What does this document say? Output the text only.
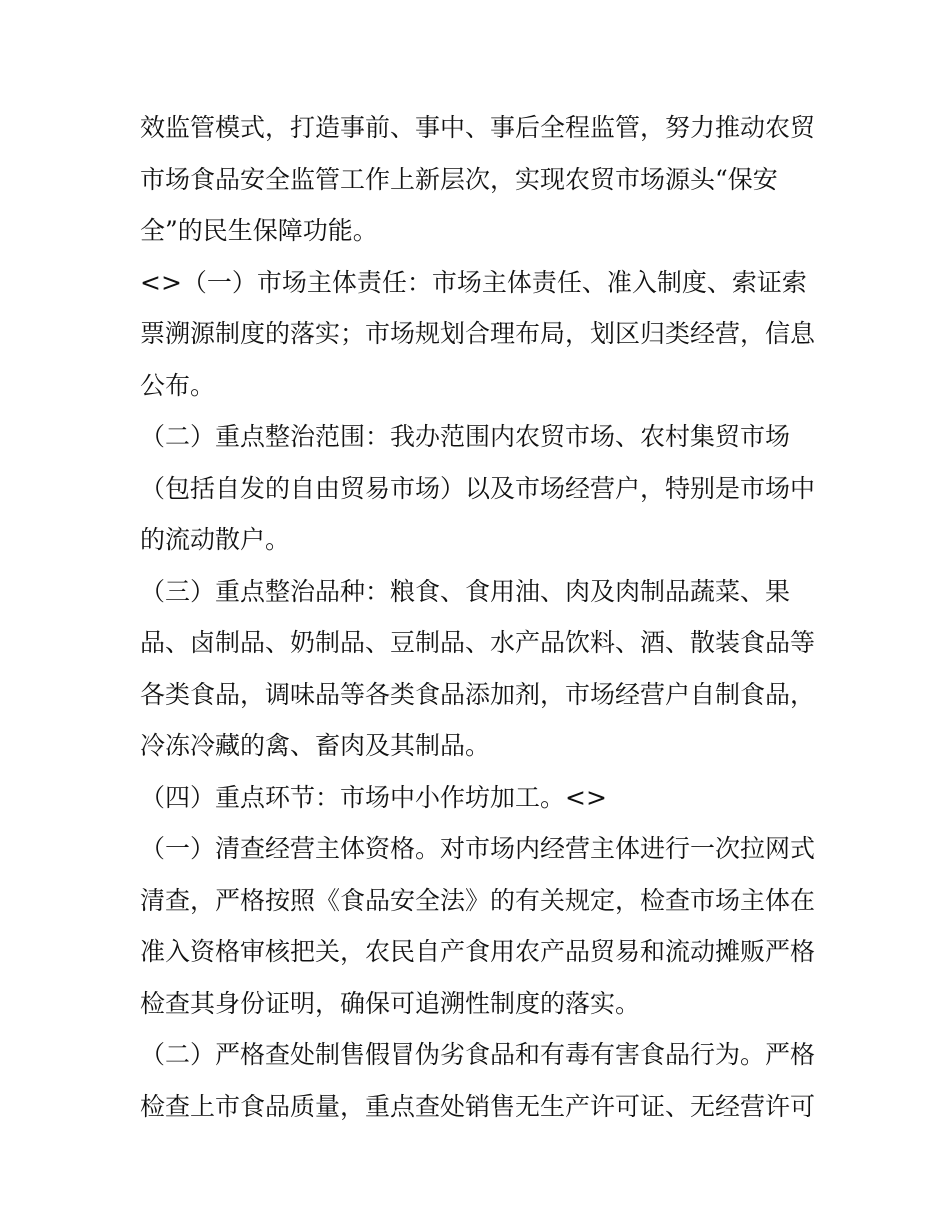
效监管模式，打造事前、事中、事后全程监管，努力推动农贸市场食品安全监管工作上新层次，实现农贸市场源头“保安全”的民生保障功能。

<>（一）市场主体责任：市场主体责任、准入制度、索证索票溯源制度的落实；市场规划合理布局，划区归类经营，信息公布。

（二）重点整治范围：我办范围内农贸市场、农村集贸市场（包括自发的自由贸易市场）以及市场经营户，特别是市场中的流动散户。

（三）重点整治品种：粮食、食用油、肉及肉制品蔬菜、果品、卤制品、奶制品、豆制品、水产品饮料、酒、散装食品等各类食品，调味品等各类食品添加剂，市场经营户自制食品，冷冻冷藏的禽、畜肉及其制品。

（四）重点环节：市场中小作坊加工。<>

（一）清查经营主体资格。对市场内经营主体进行一次拉网式清查，严格按照《食品安全法》的有关规定，检查市场主体在准入资格审核把关，农民自产食用农产品贸易和流动摊贩严格检查其身份证明，确保可追溯性制度的落实。

（二）严格查处制售假冒伪劣食品和有毒有害食品行为。严格检查上市食品质量，重点查处销售无生产许可证、无经营许可
